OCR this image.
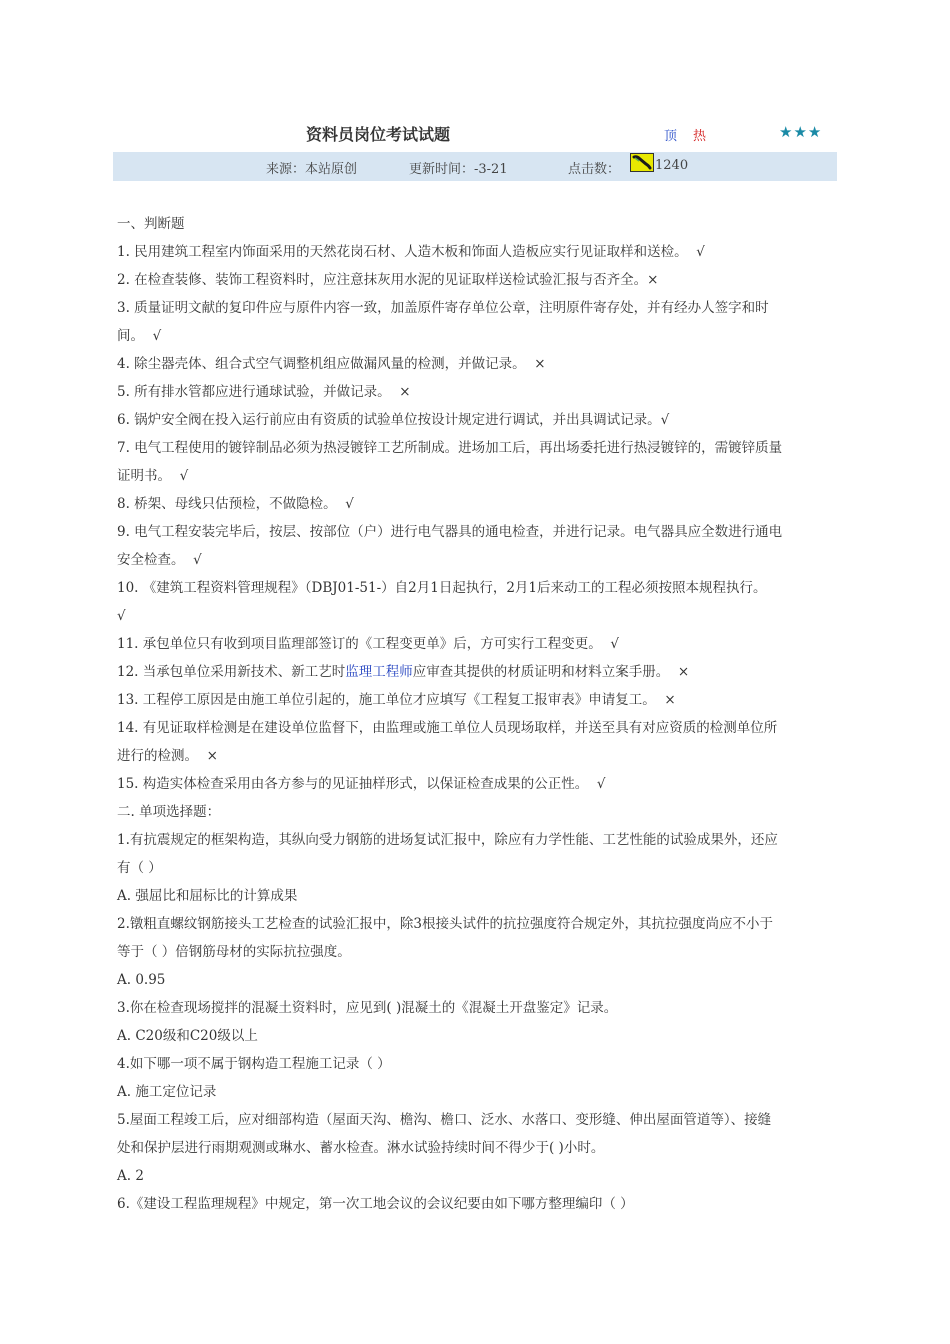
资料员岗位考试试题	顶 热	★★★
来源：本站原创	更新时间：-3-21	点击数：	1240
一、判断题
1. 民用建筑工程室内饰面采用的天然花岗石材、人造木板和饰面人造板应实行见证取样和送检。  √
2. 在检查装修、装饰工程资料时，应注意抹灰用水泥的见证取样送检试验汇报与否齐全。×
3. 质量证明文献的复印件应与原件内容一致，加盖原件寄存单位公章，注明原件寄存处，并有经办人签字和时
间。  √
4. 除尘器壳体、组合式空气调整机组应做漏风量的检测，并做记录。  ×
5. 所有排水管都应进行通球试验，并做记录。  ×
6. 锅炉安全阀在投入运行前应由有资质的试验单位按设计规定进行调试，并出具调试记录。√
7. 电气工程使用的镀锌制品必须为热浸镀锌工艺所制成。进场加工后，再出场委托进行热浸镀锌的，需镀锌质量
证明书。  √
8. 桥架、母线只估预检，不做隐检。  √
9. 电气工程安装完毕后，按层、按部位（户）进行电气器具的通电检查，并进行记录。电气器具应全数进行通电
安全检查。  √
10. 《建筑工程资料管理规程》（DBJ01-51-）自2月1日起执行，2月1后来动工的工程必须按照本规程执行。
√
11. 承包单位只有收到项目监理部签订的《工程变更单》后，方可实行工程变更。  √
12. 当承包单位采用新技术、新工艺时监理工程师应审查其提供的材质证明和材料立案手册。  ×
13. 工程停工原因是由施工单位引起的，施工单位才应填写《工程复工报审表》申请复工。  ×
14. 有见证取样检测是在建设单位监督下，由监理或施工单位人员现场取样，并送至具有对应资质的检测单位所
进行的检测。  ×
15. 构造实体检查采用由各方参与的见证抽样形式，以保证检查成果的公正性。  √
二. 单项选择题：
1.有抗震规定的框架构造，其纵向受力钢筋的进场复试汇报中，除应有力学性能、工艺性能的试验成果外，还应
有（ ）
A. 强屈比和屈标比的计算成果
2.镦粗直螺纹钢筋接头工艺检查的试验汇报中，除3根接头试件的抗拉强度符合规定外，其抗拉强度尚应不小于
等于（ ）倍钢筋母材的实际抗拉强度。
A. 0.95
3.你在检查现场搅拌的混凝土资料时，应见到( )混凝土的《混凝土开盘鉴定》记录。
A. C20级和C20级以上
4.如下哪一项不属于钢构造工程施工记录（ ）
A. 施工定位记录
5.屋面工程竣工后，应对细部构造（屋面天沟、檐沟、檐口、泛水、水落口、变形缝、伸出屋面管道等）、接缝
处和保护层进行雨期观测或琳水、蓄水检查。淋水试验持续时间不得少于( )小时。
A. 2
6.《建设工程监理规程》中规定，第一次工地会议的会议纪要由如下哪方整理编印（ ）
